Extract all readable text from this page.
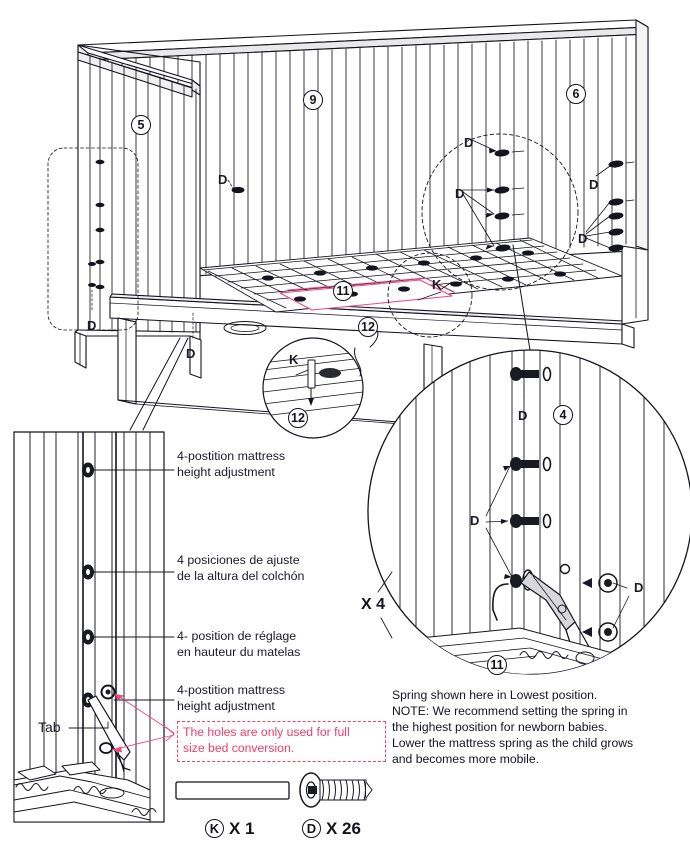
5
9	6
11
12
12	4
11
D
D
D
D
D
D
D
D
D
D
K
K
4-postition mattress
height adjustment
4 posiciones de ajuste
de la altura del colchón
4- position de réglage
en hauteur du matelas
4-postition mattress
height adjustment
Tab	The holes are only used for full
size bed conversion.
X 4
Spring shown here in Lowest position.
NOTE: We recommend setting the spring in
the highest position for newborn babies.
Lower the mattress spring as the child grows
and becomes more mobile.
K X 1	D X 26
